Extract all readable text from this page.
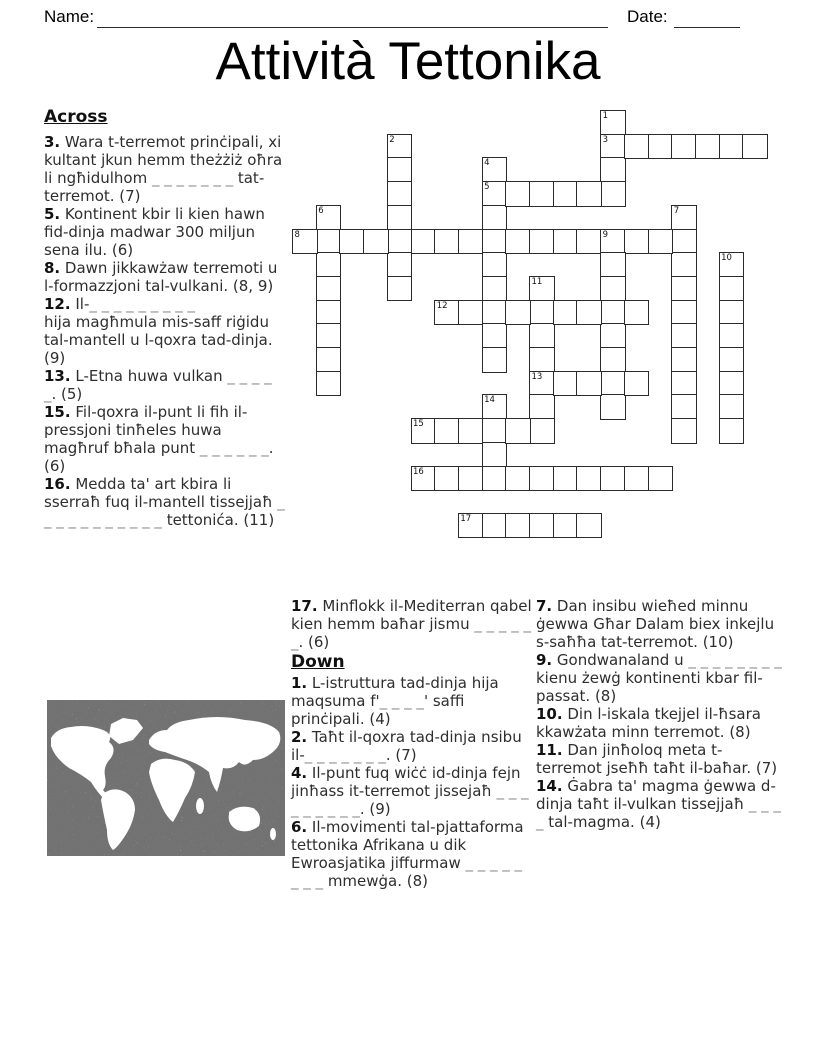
Name:	Date:
Attività Tettonika
Across

3. Wara t-terremot prinċipali, xi kultant jkun hemm theżżiż oħra li ngħidulhom _ _ _ _ _ _ _ tat-terremot. (7)

5. Kontinent kbir li kien hawn fid-dinja madwar 300 miljun sena ilu. (6)

8. Dawn jikkawżaw terremoti u l-formazzjoni tal-vulkani. (8, 9)

12. Il-_ _ _ _ _ _ _ _ _
hija magħmula mis-saff riġidu tal-mantell u l-qoxra tad-dinja. (9)

13. L-Etna huwa vulkan _ _ _ _ _. (5)

15. Fil-qoxra il-punt li fih il-pressjoni tinħeles huwa magħruf bħala punt _ _ _ _ _ _. (6)

16. Medda ta' art kbira li sserraħ fuq il-mantell tissejjaħ _ _ _ _ _ _ _ _ _ _ _ tettonića. (11)

1
3
2
4
5
6	7
8	9
10
11
13
12
14
15
16
17

17. Minflokk il-Mediterran qabel kien hemm baħar jismu _ _ _ _ _ _. (6)

Down

1. L-istruttura tad-dinja hija maqsuma f'_ _ _ _' saffi prinċipali. (4)

2. Taħt il-qoxra tad-dinja nsibu il-_ _ _ _ _ _ _. (7)

4. Il-punt fuq wiċċ id-dinja fejn jinħass it-terremot jissejaħ _ _ _ _ _ _ _ _ _. (9)

6. Il-movimenti tal-pjattaforma tettonika Afrikana u dik Ewroasjatika jiffurmaw _ _ _ _ _ _ _ _ mmewġa. (8)

7. Dan insibu wieħed minnu ġewwa Għar Dalam biex inkejlu s-saħħa tat-terremot. (10)

9. Gondwanaland u _ _ _ _ _ _ _ _ kienu żewġ kontinenti kbar fil-passat. (8)

10. Din l-iskala tkejjel il-ħsara kkawżata minn terremot. (8)

11. Dan jinħoloq meta t-terremot jseħħ taħt il-baħar. (7)

14. Ġabra ta' magma ġewwa d-dinja taħt il-vulkan tissejjaħ _ _ _ _ tal-magma. (4)
